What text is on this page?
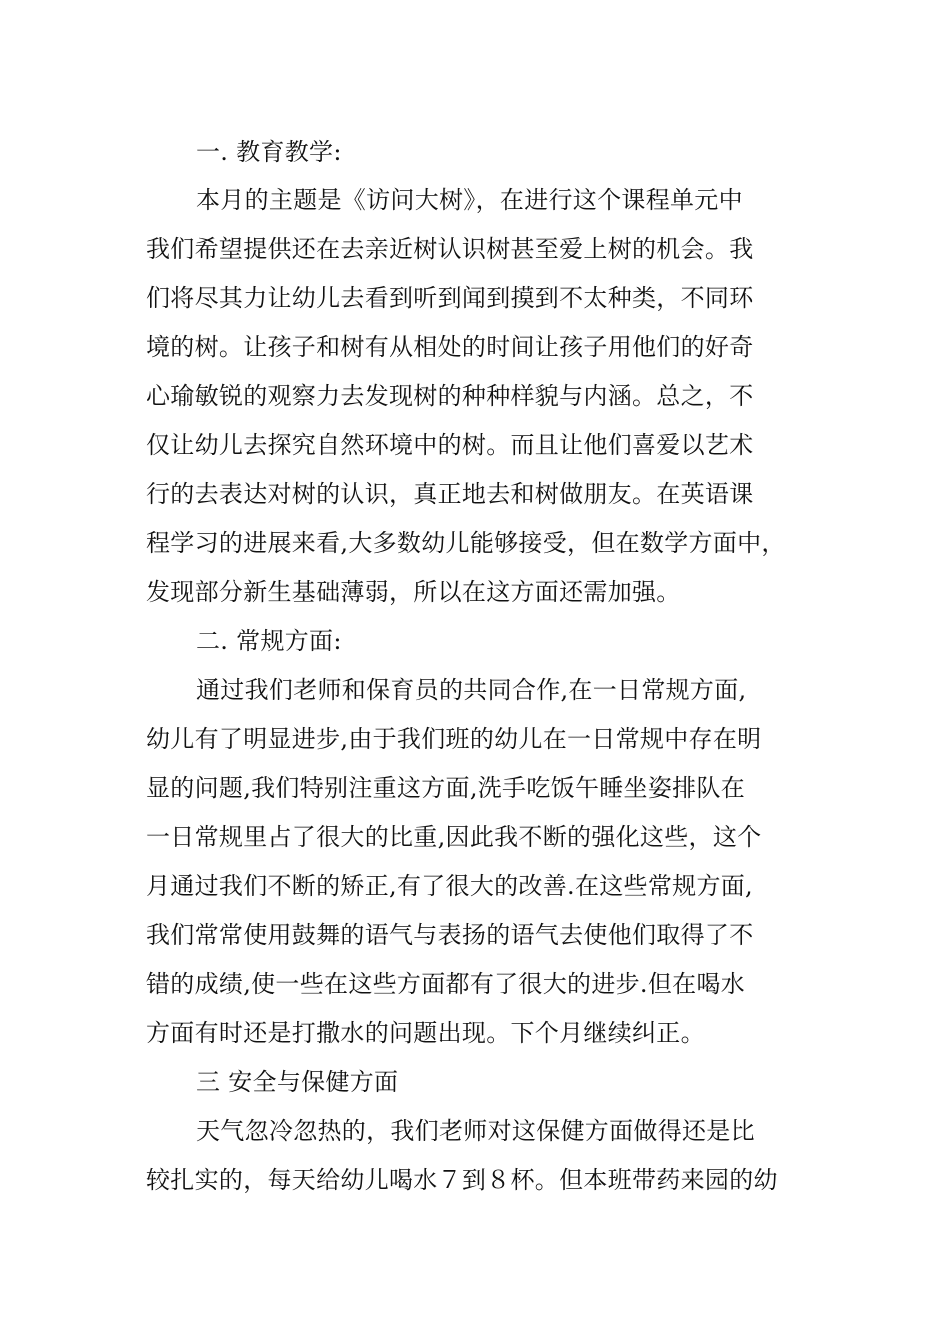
一. 教育教学:
本月的主题是《访问大树》，在进行这个课程单元中
我们希望提供还在去亲近树认识树甚至爱上树的机会。我
们将尽其力让幼儿去看到听到闻到摸到不太种类，不同环
境的树。让孩子和树有从相处的时间让孩子用他们的好奇
心瑜敏锐的观察力去发现树的种种样貌与内涵。总之，不
仅让幼儿去探究自然环境中的树。而且让他们喜爱以艺术
行的去表达对树的认识，真正地去和树做朋友。在英语课
程学习的进展来看,大多数幼儿能够接受，但在数学方面中，
发现部分新生基础薄弱，所以在这方面还需加强。
二. 常规方面:
通过我们老师和保育员的共同合作,在一日常规方面,
幼儿有了明显进步,由于我们班的幼儿在一日常规中存在明
显的问题,我们特别注重这方面,洗手吃饭午睡坐姿排队在
一日常规里占了很大的比重,因此我不断的强化这些，这个
月通过我们不断的矫正,有了很大的改善.在这些常规方面,
我们常常使用鼓舞的语气与表扬的语气去使他们取得了不
错的成绩,使一些在这些方面都有了很大的进步.但在喝水
方面有时还是打撒水的问题出现。下个月继续纠正。
三 安全与保健方面
天气忽冷忽热的，我们老师对这保健方面做得还是比
较扎实的，每天给幼儿喝水７到８杯。但本班带药来园的幼
